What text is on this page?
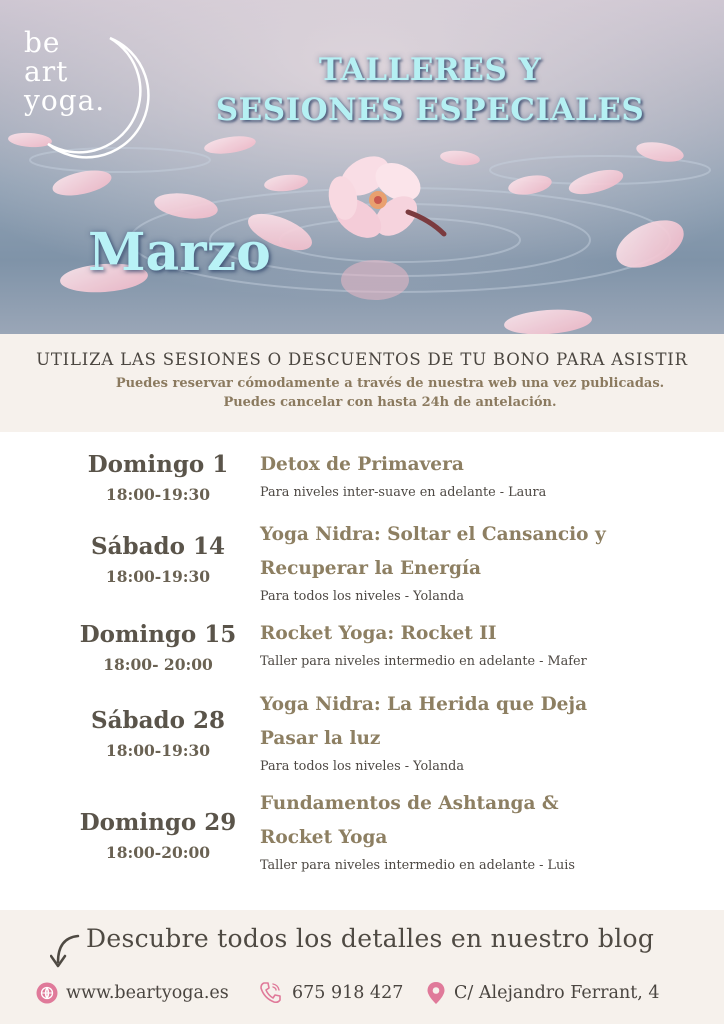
be
art
yoga.
TALLERES Y
SESIONES ESPECIALES
Marzo
UTILIZA LAS SESIONES O DESCUENTOS DE TU BONO PARA ASISTIR
Puedes reservar cómodamente a través de nuestra web una vez publicadas.
Puedes cancelar con hasta 24h de antelación.
Domingo 1
18:00-19:30
Detox de Primavera
Para niveles inter-suave en adelante - Laura
Sábado 14
18:00-19:30
Yoga Nidra: Soltar el Cansancio y
Recuperar la Energía
Para todos los niveles - Yolanda
Domingo 15
18:00- 20:00
Rocket Yoga: Rocket II
Taller para niveles intermedio en adelante - Mafer
Sábado 28
18:00-19:30
Yoga Nidra: La Herida que Deja
Pasar la luz
Para todos los niveles - Yolanda
Domingo 29
18:00-20:00
Fundamentos de Ashtanga &
Rocket Yoga
Taller para niveles intermedio en adelante - Luis
Descubre todos los detalles en nuestro blog
www.beartyoga.es	675 918 427	C/ Alejandro Ferrant, 4
